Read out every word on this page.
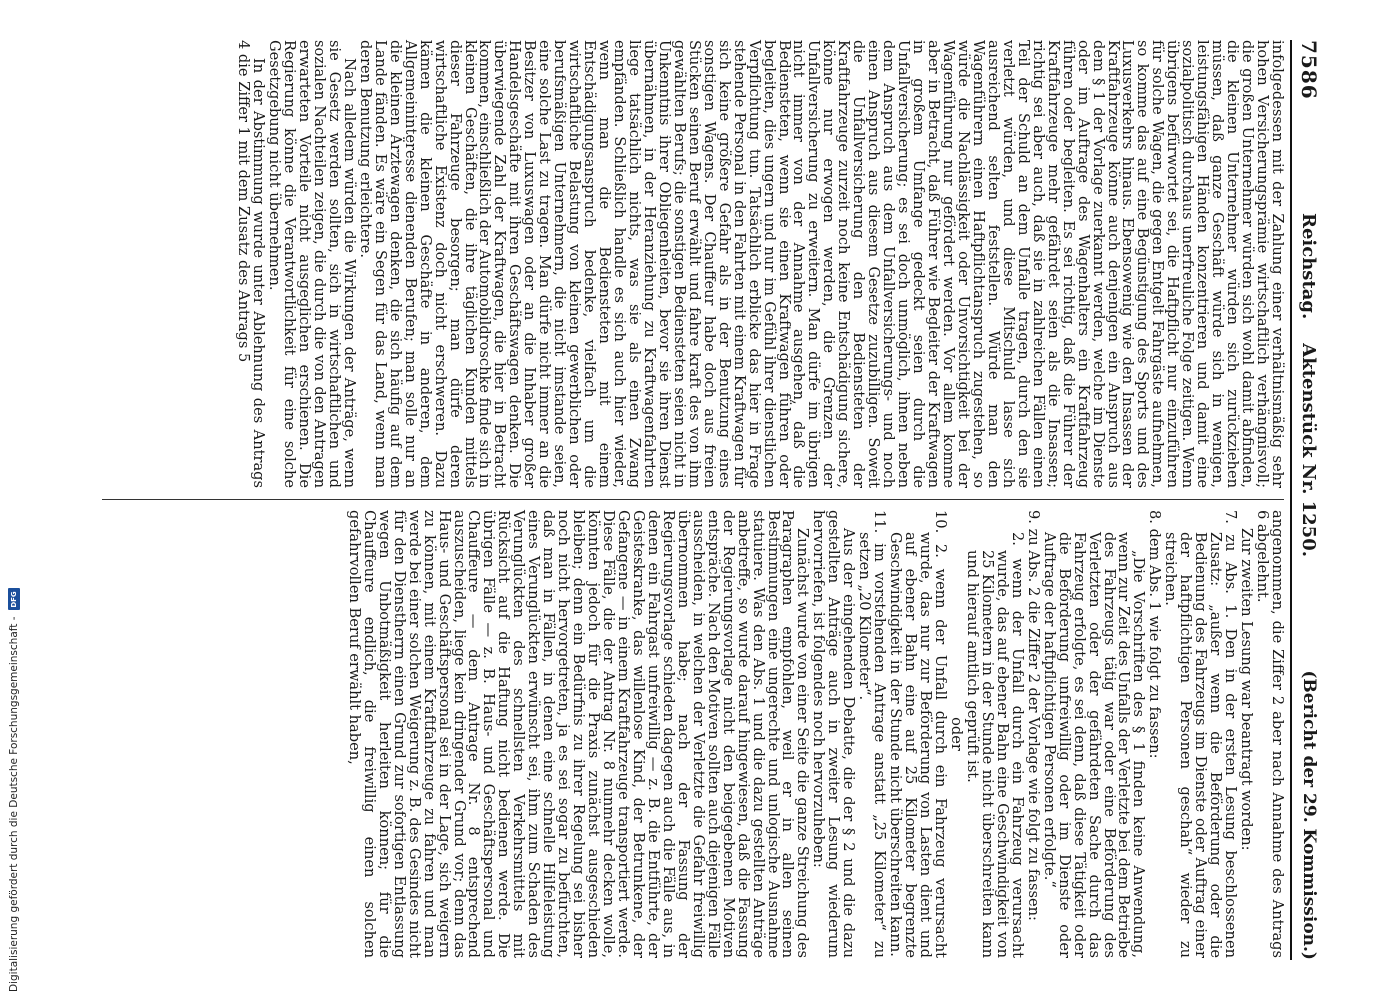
7586
Reichstag.
Aktenstück Nr. 1250.
(Bericht der 29. Kommission.)

infolgedessen mit der Zahlung einer verhältnismäßig sehr hohen Versicherungsprämie wirtschaftlich verhängnisvoll; die großen Unternehmer würden sich wohl damit abfinden, die kleinen Unternehmer würden sich zurückziehen müssen, daß ganze Geschäft würde sich in wenigen, leistungsfähigen Händen konzentrieren und damit eine sozialpolitisch durchaus unerfreuliche Folge zeitigen. Wenn übrigens befürwortet sei, die Haftpflicht nur einzuführen für solche Wagen, die gegen Entgelt Fahrgäste aufnehmen, so komme das auf eine Begünstigung des Sports und des Luxusverkehrs hinaus. Ebensowenig wie den Insassen der Kraftfahrzeuge könne auch denjenigen ein Anspruch aus dem § 1 der Vorlage zuerkannt werden, welche im Dienste oder im Auftrage des Wagenhalters ein Kraftfahrzeug führen oder begleiten. Es sei richtig, daß die Führer der Kraftfahrzeuge mehr gefährdet seien als die Insassen; richtig sei aber auch, daß sie in zahlreichen Fällen einen Teil der Schuld an dem Unfalle tragen, durch den sie verletzt würden, und diese Mitschuld lasse sich ausreichend selten feststellen. Würde man den Wagenführern einen Haftpflichtanspruch zugestehen, so würde die Nachlässigkeit oder Unvorsichtigkeit bei der Wagenführung nur gefördert werden. Vor allem komme aber in Betracht, daß Führer wie Begleiter der Kraftwagen in großem Umfange gedeckt seien durch die Unfallversicherung; es sei doch unmöglich, ihnen neben dem Anspruch aus dem Unfallversicherungs- und noch einen Anspruch aus diesem Gesetze zuzubilligen. Soweit die Unfallversicherung den Bediensteten der Kraftfahrzeuge zurzeit noch keine Entschädigung sichere, könne nur erwogen werden, die Grenzen der Unfallversicherung zu erweitern. Man dürfe im übrigen nicht immer von der Annahme ausgehen, daß die Bediensteten, wenn sie einen Kraftwagen führen oder begleiten, dies ungern und nur im Gefühl ihrer dienstlichen Verpflichtung tun. Tatsächlich erblicke das hier in Frage stehende Personal in den Fahrten mit einem Kraftwagen für sich keine größere Gefahr als in der Benutzung eines sonstigen Wagens. Der Chauffeur habe doch aus freien Stücken seinen Beruf erwählt und fahre kraft des von ihm gewählten Berufs; die sonstigen Bediensteten seien nicht in Unkenntnis ihrer Obliegenheiten, bevor sie ihren Dienst übernähmen, in der Heranziehung zu Kraftwagenfahrten liege tatsächlich nichts, was sie als einen Zwang empfänden. Schließlich handle es sich auch hier wieder, wenn man die Bediensteten mit einem Entschädigungsanspruch bedenke, vielfach um die wirtschaftliche Belastung von kleinen gewerblichen oder berufsmäßigen Unternehmern, die nicht imstande seien, eine solche Last zu tragen. Man dürfe nicht immer an die Besitzer von Luxuswagen oder an die Inhaber großer Handelsgeschäfte mit ihren Geschäftswagen denken. Die überwiegende Zahl der Kraftwagen, die hier in Betracht kommen, einschließlich der Automobildroschke finde sich in kleinen Geschäften, die ihre täglichen Kunden mittels dieser Fahrzeuge besorgen; man dürfe deren wirtschaftliche Existenz doch nicht erschweren. Dazu kämen die kleinen Geschäfte in anderen, dem Allgemeininteresse dienenden Berufen; man solle nur an die kleinen Ärztewagen denken, die sich häufig auf dem Lande fänden. Es wäre ein Segen für das Land, wenn man deren Benutzung erleichtere.

Nach alledem würden die Wirkungen der Anträge, wenn sie Gesetz werden sollten, sich in wirtschaftlichen und sozialen Nachteilen zeigen, die durch die von den Antragen erwarteten Vorteile nicht ausgeglichen erschienen. Die Regierung könne die Verantwortlichkeit für eine solche Gesetzgebung nicht übernehmen.

In der Abstimmung wurde unter Ablehnung des Antrags 4 die Ziffer 1 mit dem Zusatz des Antrags 5

angenommen, die Ziffer 2 aber nach Annahme des Antrags 6 abgelehnt.

Zur zweiten Lesung war beantragt worden:

7. zu Abs. 1. Den in der ersten Lesung beschlossenen Zusatz: „außer wenn die Beförderung oder die Bedienung des Fahrzeugs im Dienste oder Auftrag einer der haftpflichtigen Personen geschah“ wieder zu streichen.

8. dem Abs. 1 wie folgt zu fassen:

„Die Vorschriften des § 1 finden keine Anwendung, wenn zur Zeit des Unfalls der Verletzte bei dem Betriebe des Fahrzeugs tätig war oder eine Beförderung des Verletzten oder der gefährdeten Sache durch das Fahrzeug erfolgte, es sei denn, daß diese Tätigkeit oder die Beförderung unfreiwillig oder im Dienste oder Auftrage der haftpflichtigen Personen erfolgte.“

9. zu Abs. 2 die Ziffer 2 der Vorlage wie folgt zu fassen:

2. wenn der Unfall durch ein Fahrzeug verursacht wurde, das auf ebener Bahn eine Geschwindigkeit von 25 Kilometern in der Stunde nicht überschreiten kann und hierauf amtlich geprüft ist.

oder

10. 2. wenn der Unfall durch ein Fahrzeug verursacht wurde, das nur zur Beförderung von Lasten dient und auf ebener Bahn eine auf 25 Kilometer begrenzte Geschwindigkeit in der Stunde nicht überschreiten kann.

11. im vorstehenden Antrage anstatt „25 Kilometer“ zu setzen „20 Kilometer“.

Aus der eingehenden Debatte, die der § 2 und die dazu gestellten Anträge auch in zweiter Lesung wiederum hervorriefen, ist folgendes noch hervorzuheben:

Zunächst wurde von einer Seite die ganze Streichung des Paragraphen empfohlen, weil er in allen seinen Bestimmungen eine ungerechte und unlogische Ausnahme statuiere. Was den Abs. 1 und die dazu gestellten Anträge anbetreffe, so wurde darauf hingewiesen, daß die Fassung der Regierungsvorlage nicht den beigegebenen Motiven entspräche. Nach den Motiven sollten auch diejenigen Fälle ausscheiden, in welchen der Verletzte die Gefahr freiwillig übernommen habe; nach der Fassung der Regierungsvorlage schieden dagegen auch die Fälle aus, in denen ein Fahrgast unfreiwillig — z. B. die Entführte, der Geisteskranke, das willenlose Kind, der Betrunkene, der Gefangene — in einem Kraftfahrzeuge transportiert werde. Diese Fälle, die der Antrag Nr. 8 nunmehr decken wolle, könnten jedoch für die Praxis zunächst ausgeschieden bleiben; denn ein Bedürfnis zu ihrer Regelung sei bisher noch nicht hervorgetreten, ja es sei sogar zu befürchten, daß man in Fällen, in denen eine schnelle Hilfeleistung eines Verunglückten erwünscht sei, ihm zum Schaden des Verunglückten des schnellsten Verkehrsmittels mit Rücksicht auf die Haftung nicht bedienen werde. Die übrigen Fälle — z. B. Haus- und Geschäftspersonal und Chauffeure — dem Antrage Nr. 8 entsprechend auszuscheiden, liege kein dringender Grund vor; denn das Haus- und Geschäftspersonal sei in der Lage, sich weigern zu können, mit einem Kraftfahrzeuge zu fahren und man werde bei einer solchen Weigerung z. B. des Gesindes nicht für den Dienstherrn einen Grund zur sofortigen Entlassung wegen Unbotmäßigkeit herleiten können; für die Chauffeure endlich, die freiwillig einen solchen gefahrvollen Beruf erwählt haben,

Digitalisierung gefördert durch die Deutsche Forschungsgemeinschaft -
DFG
